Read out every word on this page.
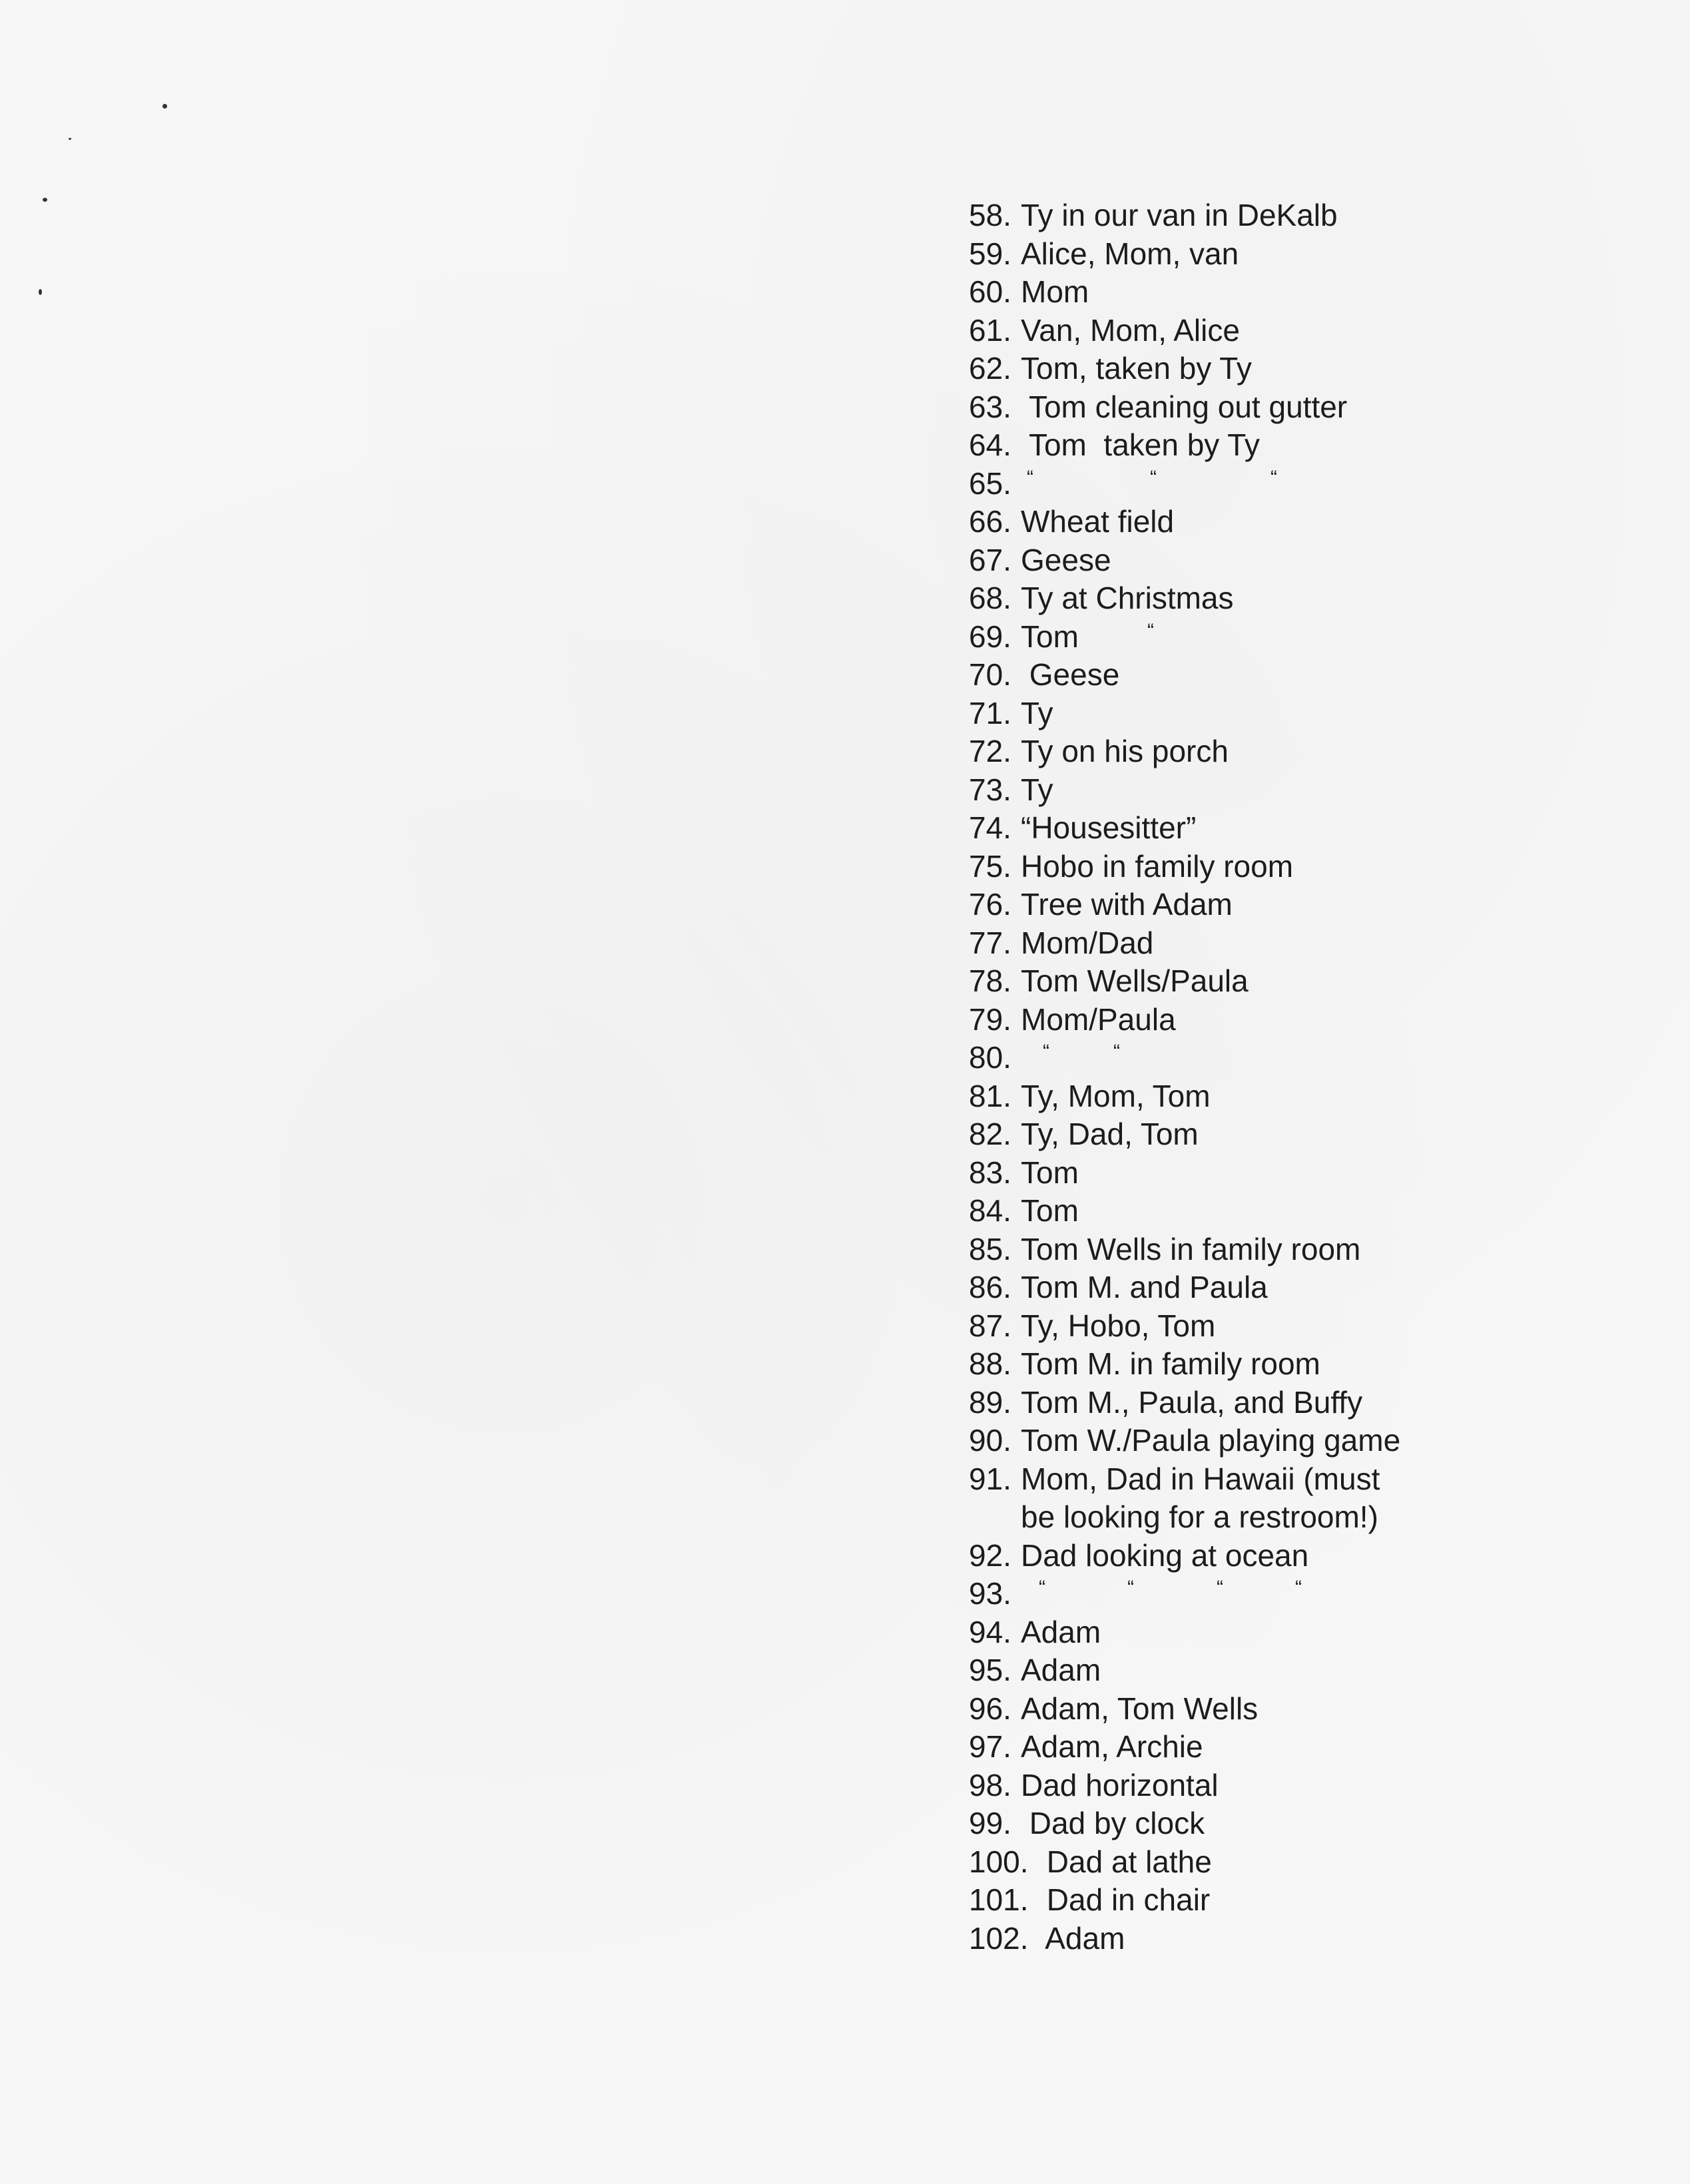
58. Ty in our van in DeKalb
59. Alice, Mom, van
60. Mom
61. Van, Mom, Alice
62. Tom, taken by Ty
63. Tom cleaning out gutter
64. Tom  taken by Ty
65. “	“	“
66. Wheat field
67. Geese
68. Ty at Christmas
69. Tom	“
70. Geese
71. Ty
72. Ty on his porch
73. Ty
74. “Housesitter”
75. Hobo in family room
76. Tree with Adam
77. Mom/Dad
78. Tom Wells/Paula
79. Mom/Paula
80. “	“
81. Ty, Mom, Tom
82. Ty, Dad, Tom
83. Tom
84. Tom
85. Tom Wells in family room
86. Tom M. and Paula
87. Ty, Hobo, Tom
88. Tom M. in family room
89. Tom M., Paula, and Buffy
90. Tom W./Paula playing game
91. Mom, Dad in Hawaii (must
be looking for a restroom!)
92. Dad looking at ocean
93. “	“	“	“
94. Adam
95. Adam
96. Adam, Tom Wells
97. Adam, Archie
98. Dad horizontal
99. Dad by clock
100. Dad at lathe
101. Dad in chair
102. Adam
